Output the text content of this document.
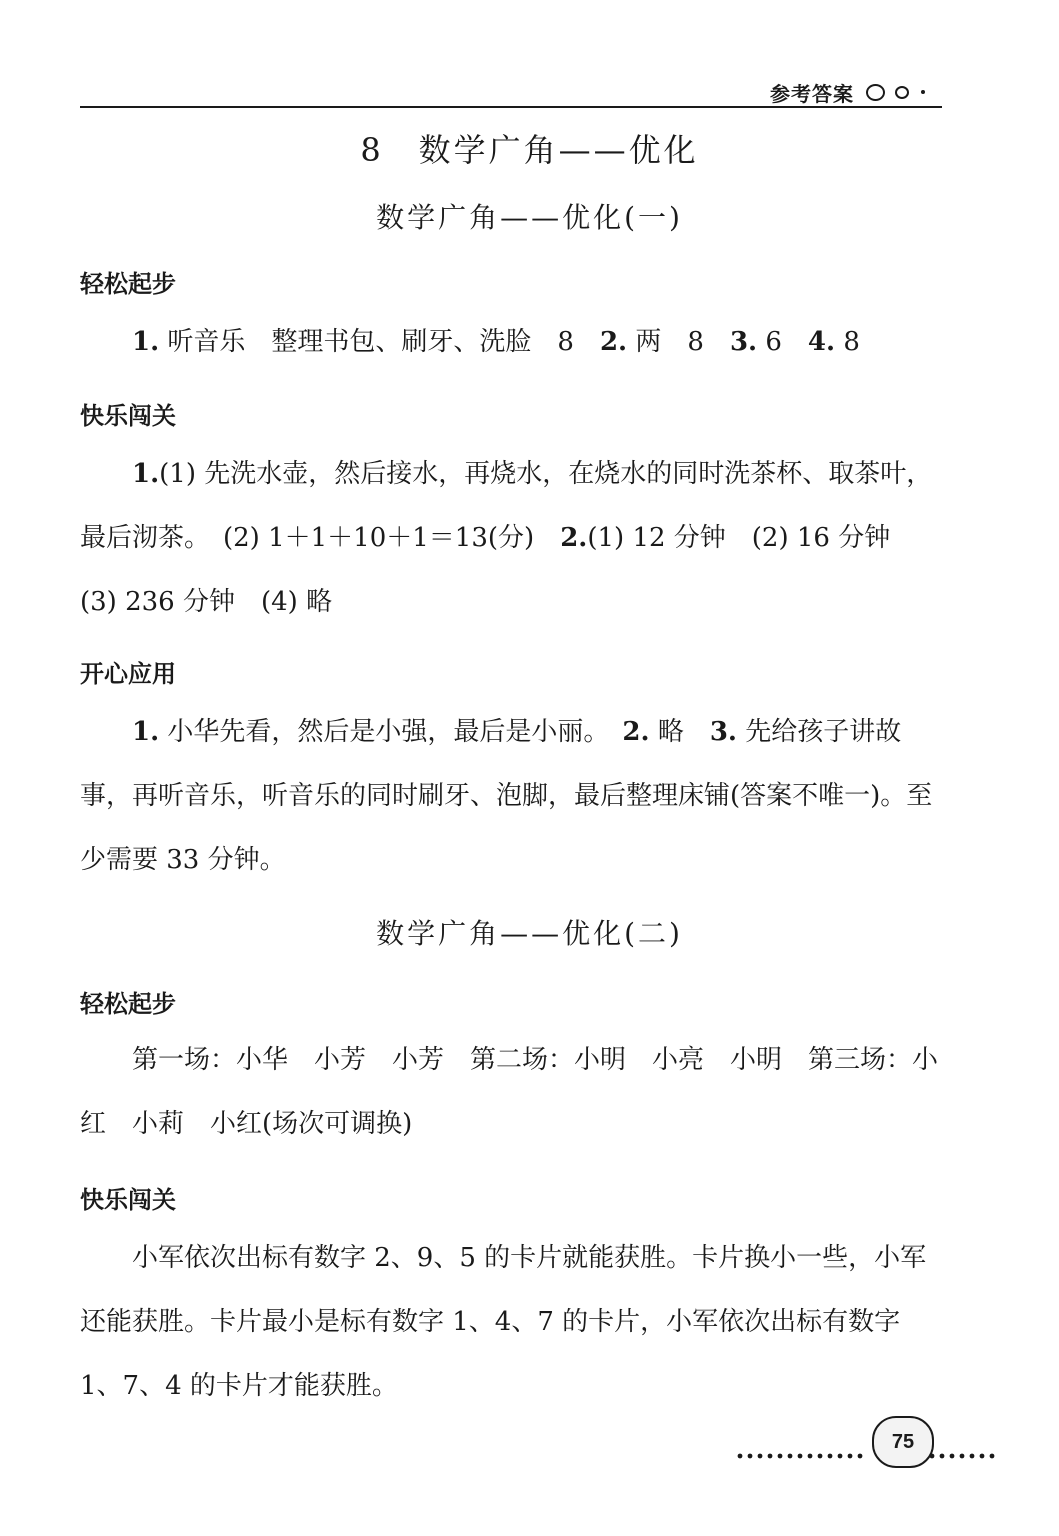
参考答案
8　数学广角——优化
数学广角——优化(一)
轻松起步
1. 听音乐　整理书包、刷牙、洗脸　8　2. 两　8　3. 6　4. 8
快乐闯关
1.(1) 先洗水壶，然后接水，再烧水，在烧水的同时洗茶杯、取茶叶，最后沏茶。　(2) 1＋1＋10＋1＝13(分)　2.(1) 12 分钟　(2) 16 分钟　(3) 236 分钟　(4) 略
开心应用
1. 小华先看，然后是小强，最后是小丽。　2. 略　3. 先给孩子讲故事，再听音乐，听音乐的同时刷牙、泡脚，最后整理床铺(答案不唯一)。至少需要 33 分钟。
数学广角——优化(二)
轻松起步
第一场：小华　小芳　小芳　第二场：小明　小亮　小明　第三场：小红　小莉　小红(场次可调换)
快乐闯关
小军依次出标有数字 2、9、5 的卡片就能获胜。卡片换小一些，小军还能获胜。卡片最小是标有数字 1、4、7 的卡片，小军依次出标有数字 1、7、4 的卡片才能获胜。
75
